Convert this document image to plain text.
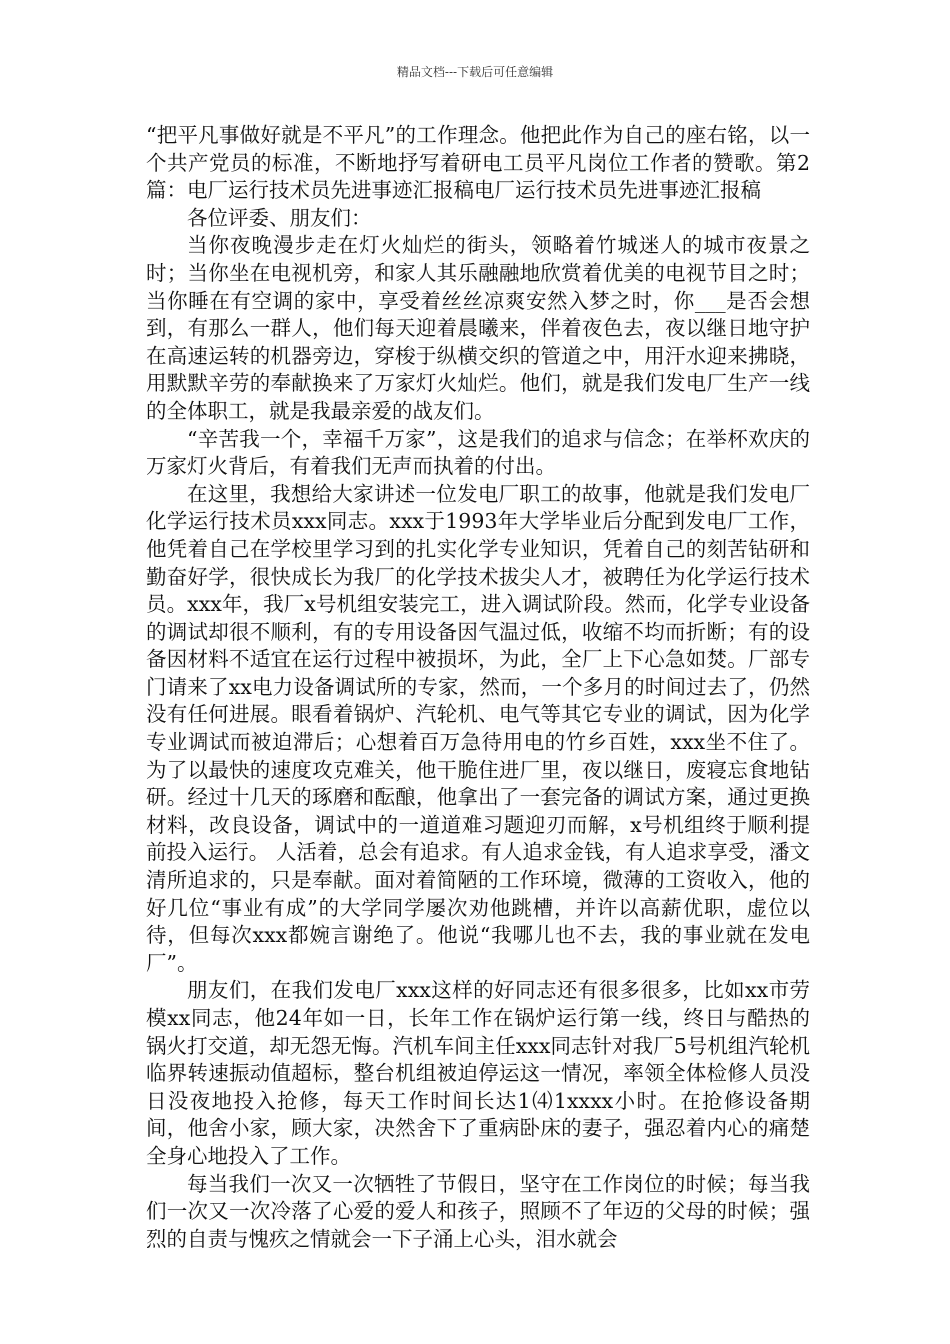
精品文档---下载后可任意编辑

“把平凡事做好就是不平凡”的工作理念。他把此作为自己的座右铭，以一个共产党员的标准，不断地抒写着研电工员平凡岗位工作者的赞歌。第2篇：电厂运行技术员先进事迹汇报稿电厂运行技术员先进事迹汇报稿

各位评委、朋友们：

当你夜晚漫步走在灯火灿烂的街头，领略着竹城迷人的城市夜景之时；当你坐在电视机旁，和家人其乐融融地欣赏着优美的电视节目之时；当你睡在有空调的家中，享受着丝丝凉爽安然入梦之时，你___是否会想到，有那么一群人，他们每天迎着晨曦来，伴着夜色去，夜以继日地守护在高速运转的机器旁边，穿梭于纵横交织的管道之中，用汗水迎来拂晓，用默默辛劳的奉献换来了万家灯火灿烂。他们，就是我们发电厂生产一线的全体职工，就是我最亲爱的战友们。

“辛苦我一个，幸福千万家”，这是我们的追求与信念；在举杯欢庆的万家灯火背后，有着我们无声而执着的付出。

在这里，我想给大家讲述一位发电厂职工的故事，他就是我们发电厂化学运行技术员xxx同志。xxx于1993年大学毕业后分配到发电厂工作，他凭着自己在学校里学习到的扎实化学专业知识，凭着自己的刻苦钻研和勤奋好学，很快成长为我厂的化学技术拔尖人才，被聘任为化学运行技术员。xxx年，我厂x号机组安装完工，进入调试阶段。然而，化学专业设备的调试却很不顺利，有的专用设备因气温过低，收缩不均而折断；有的设备因材料不适宜在运行过程中被损坏，为此，全厂上下心急如焚。厂部专门请来了xx电力设备调试所的专家，然而，一个多月的时间过去了，仍然没有任何进展。眼看着锅炉、汽轮机、电气等其它专业的调试，因为化学专业调试而被迫滞后；心想着百万急待用电的竹乡百姓，xxx坐不住了。为了以最快的速度攻克难关，他干脆住进厂里，夜以继日，废寝忘食地钻研。经过十几天的琢磨和酝酿，他拿出了一套完备的调试方案，通过更换材料，改良设备，调试中的一道道难习题迎刃而解，x号机组终于顺利提前投入运行。 人活着，总会有追求。有人追求金钱，有人追求享受，潘文清所追求的，只是奉献。面对着简陋的工作环境，微薄的工资收入，他的好几位“事业有成”的大学同学屡次劝他跳槽，并许以高薪优职，虚位以待，但每次xxx都婉言谢绝了。他说“我哪儿也不去，我的事业就在发电厂”。

朋友们，在我们发电厂xxx这样的好同志还有很多很多，比如xx市劳模xx同志，他24年如一日，长年工作在锅炉运行第一线，终日与酷热的锅火打交道，却无怨无悔。汽机车间主任xxx同志针对我厂5号机组汽轮机临界转速振动值超标，整台机组被迫停运这一情况，率领全体检修人员没日没夜地投入抢修，每天工作时间长达1⑷1xxxx小时。在抢修设备期间，他舍小家，顾大家，决然舍下了重病卧床的妻子，强忍着内心的痛楚全身心地投入了工作。

每当我们一次又一次牺牲了节假日，坚守在工作岗位的时候；每当我们一次又一次冷落了心爱的爱人和孩子，照顾不了年迈的父母的时候；强烈的自责与愧疚之情就会一下子涌上心头，泪水就会
